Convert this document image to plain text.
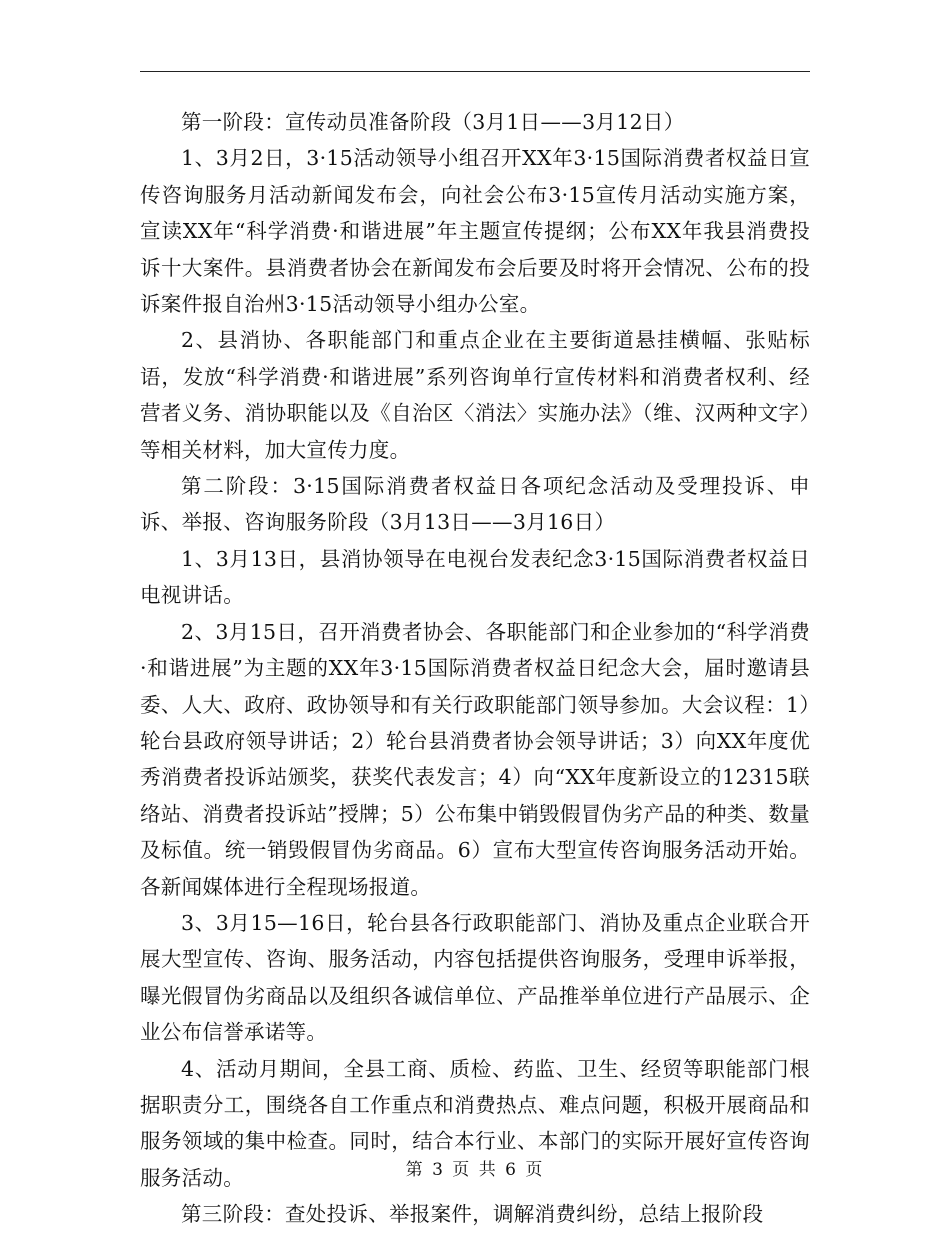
第一阶段：宣传动员准备阶段（3月1日——3月12日）

1、3月2日，3·15活动领导小组召开XX年3·15国际消费者权益日宣传咨询服务月活动新闻发布会，向社会公布3·15宣传月活动实施方案，宣读XX年“科学消费·和谐进展”年主题宣传提纲；公布XX年我县消费投诉十大案件。县消费者协会在新闻发布会后要及时将开会情况、公布的投诉案件报自治州3·15活动领导小组办公室。

2、县消协、各职能部门和重点企业在主要街道悬挂横幅、张贴标语，发放“科学消费·和谐进展”系列咨询单行宣传材料和消费者权利、经营者义务、消协职能以及《自治区〈消法〉实施办法》（维、汉两种文字）等相关材料，加大宣传力度。

第二阶段：3·15国际消费者权益日各项纪念活动及受理投诉、申诉、举报、咨询服务阶段（3月13日——3月16日）

1、3月13日，县消协领导在电视台发表纪念3·15国际消费者权益日电视讲话。

2、3月15日，召开消费者协会、各职能部门和企业参加的“科学消费·和谐进展”为主题的XX年3·15国际消费者权益日纪念大会，届时邀请县委、人大、政府、政协领导和有关行政职能部门领导参加。大会议程：1）轮台县政府领导讲话；2）轮台县消费者协会领导讲话；3）向XX年度优秀消费者投诉站颁奖，获奖代表发言；4）向“XX年度新设立的12315联络站、消费者投诉站”授牌；5）公布集中销毁假冒伪劣产品的种类、数量及标值。统一销毁假冒伪劣商品。6）宣布大型宣传咨询服务活动开始。各新闻媒体进行全程现场报道。

3、3月15—16日，轮台县各行政职能部门、消协及重点企业联合开展大型宣传、咨询、服务活动，内容包括提供咨询服务，受理申诉举报，曝光假冒伪劣商品以及组织各诚信单位、产品推举单位进行产品展示、企业公布信誉承诺等。

4、活动月期间，全县工商、质检、药监、卫生、经贸等职能部门根据职责分工，围绕各自工作重点和消费热点、难点问题，积极开展商品和服务领域的集中检查。同时，结合本行业、本部门的实际开展好宣传咨询服务活动。

第三阶段：查处投诉、举报案件，调解消费纠纷，总结上报阶段

第 3 页 共 6 页
